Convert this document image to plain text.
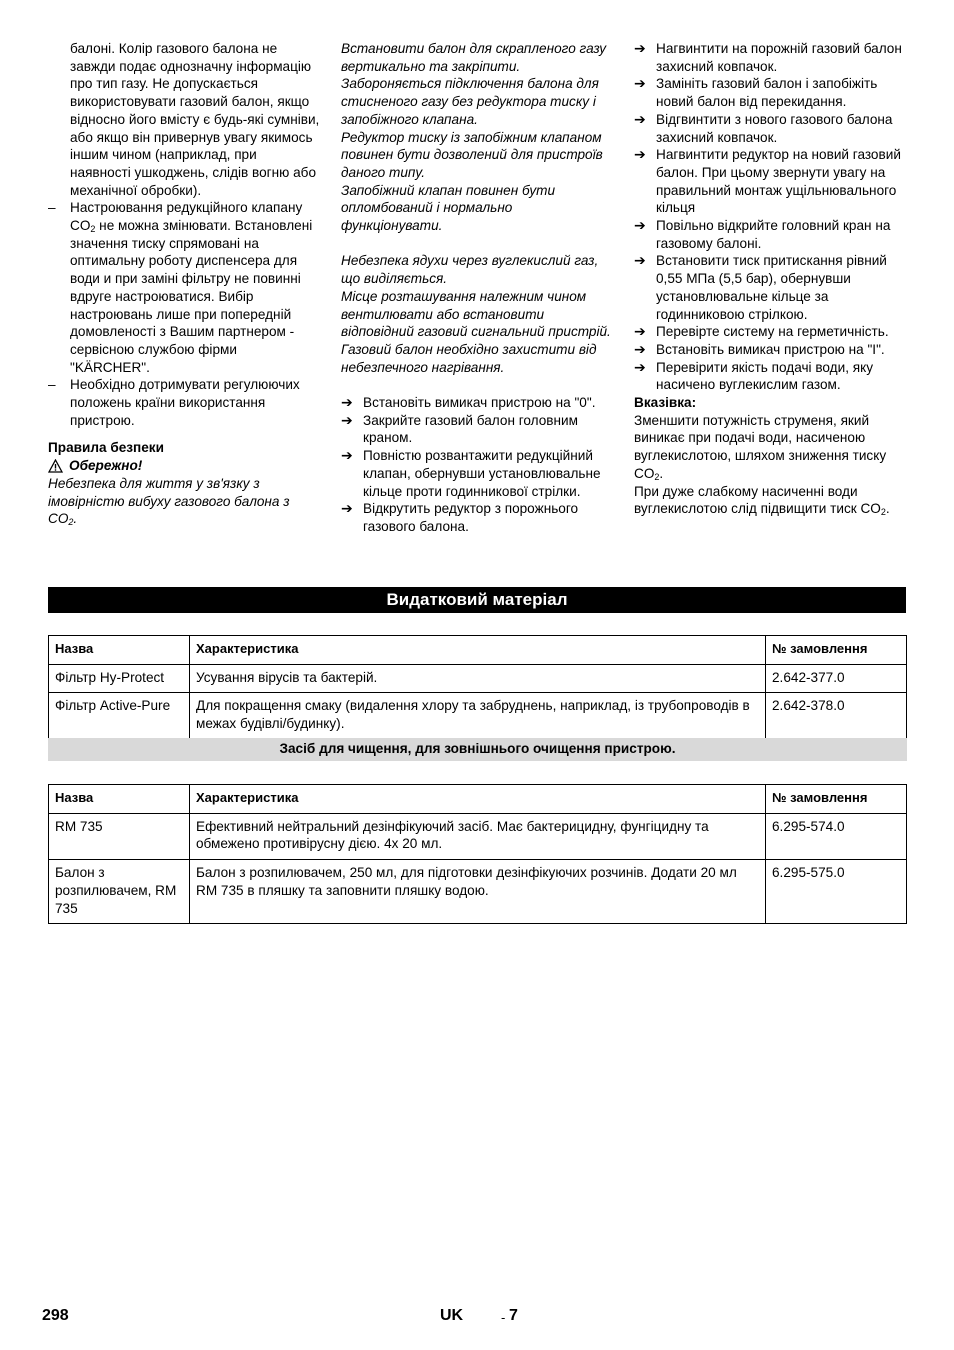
балоні. Колір газового балона не завжди подає однозначну інформацію про тип газу. Не допускається використовувати газовий балон, якщо відносно його вмісту є будь-які сумніви, або якщо він привернув увагу якимось іншим чином (наприклад, при наявності ушкоджень, слідів вогню або механічної обробки).

– Настроювання редукційного клапану $CO_2$ не можна змінювати. Встановлені значення тиску спрямовані на оптимальну роботу диспенсера для води и при заміні фільтру не повинні вдруге настроюватися. Вибір настроювань лише при попередній домовленості з Вашим партнером - сервісною службою фірми "KÄRCHER".
– Необхідно дотримувати регулюючих положень країни використання пристрою.

Правила безпеки

Обережно!

Небезпека для життя у зв'язку з імовірністю вибуху газового балона з $CO_2$.

Встановити балон для скрапленого газу вертикально та закріпити.

Забороняється підключення балона для стисненого газу без редуктора тиску і запобіжного клапана.

Редуктор тиску із запобіжним клапаном повинен бути дозволений для пристроїв даного типу.

Запобіжний клапан повинен бути опломбований і нормально функціонувати.

Небезпека ядухи через вуглекислий газ, що виділяється.

Місце розташування належним чином вентилювати або встановити відповідний газовий сигнальний пристрій.

Газовий балон необхідно захистити від небезпечного нагрівання.

➔ Встановіть вимикач пристрою на "0".
➔ Закрийте газовий балон головним краном.
➔ Повністю розвантажити редукційний клапан, обернувши установлювальне кільце проти годинникової стрілки.
➔ Відкрутить редуктор з порожнього газового балона.
➔ Нагвинтити на порожній газовий балон захисний ковпачок.
➔ Замініть газовий балон і запобіжіть новий балон від перекидання.
➔ Відгвинтити з нового газового балона захисний ковпачок.
➔ Нагвинтити редуктор на новий газовий балон. При цьому звернути увагу на правильний монтаж ущільнювального кільця
➔ Повільно відкрийте головний кран на газовому балоні.
➔ Встановити тиск притискання рівний 0,55 МПа (5,5 бар), обернувши установлювальне кільце за годинниковою стрілкою.
➔ Перевірте систему на герметичність.
➔ Встановіть вимикач пристрою на "I".
➔ Перевірити якість подачі води, яку насичено вуглекислим газом.

Вказівка:

Зменшити потужність струменя, який виникає при подачі води, насиченою вуглекислотою, шляхом зниження тиску $CO_2$.

При дуже слабкому насиченні води вуглекислотою слід підвищити тиск $CO_2$.

Видатковий матеріал
Назва	Характеристика	№ замовлення
Фільтр Hy-Protect	Усування вірусів та бактерій.	2.642-377.0
Фільтр Active-Pure	Для покращення смаку (видалення хлору та забруднень, наприклад, із трубопроводів в межах будівлі/будинку).	2.642-378.0
Засіб для чищення, для зовнішнього очищення пристрою.
Назва	Характеристика	№ замовлення
RM 735	Ефективний нейтральний дезінфікуючий засіб. Має бактерицидну, фунгіцидну та обмежено противірусну дією. 4x 20 мл.	6.295-574.0
Балон з розпилювачем, RM 735	Балон з розпилювачем, 250 мл, для підготовки дезінфікуючих розчинів. Додати 20 мл RM 735 в пляшку та заповнити пляшку водою.	6.295-575.0
298	UK	- 7
